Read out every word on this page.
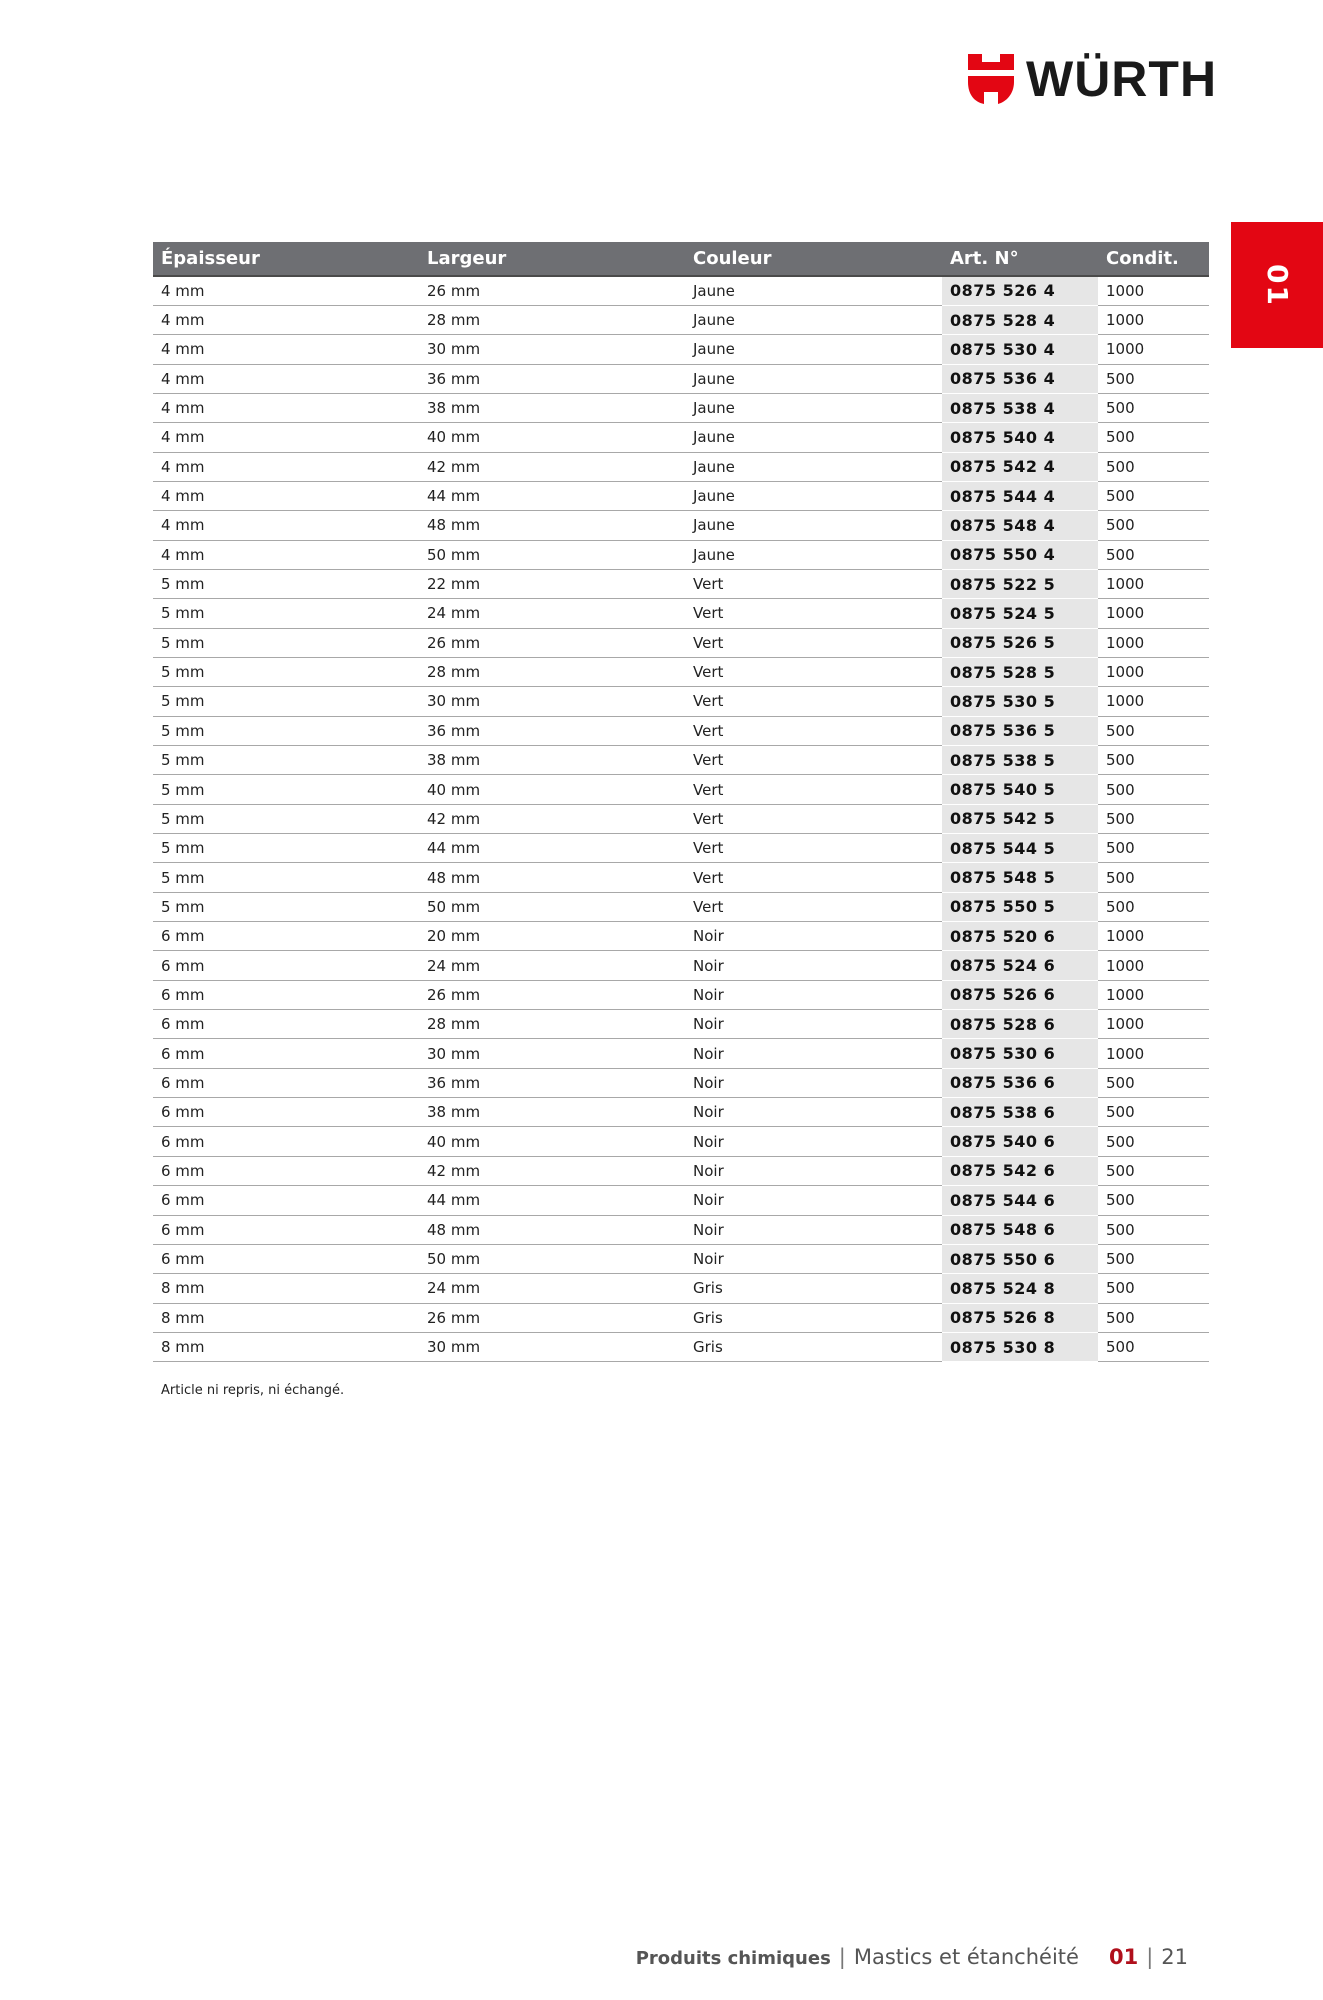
WÜRTH
01
Épaisseur	Largeur	Couleur	Art. N°	Condit.
4 mm	26 mm	Jaune	0875 526 4	1000
4 mm	28 mm	Jaune	0875 528 4	1000
4 mm	30 mm	Jaune	0875 530 4	1000
4 mm	36 mm	Jaune	0875 536 4	500
4 mm	38 mm	Jaune	0875 538 4	500
4 mm	40 mm	Jaune	0875 540 4	500
4 mm	42 mm	Jaune	0875 542 4	500
4 mm	44 mm	Jaune	0875 544 4	500
4 mm	48 mm	Jaune	0875 548 4	500
4 mm	50 mm	Jaune	0875 550 4	500
5 mm	22 mm	Vert	0875 522 5	1000
5 mm	24 mm	Vert	0875 524 5	1000
5 mm	26 mm	Vert	0875 526 5	1000
5 mm	28 mm	Vert	0875 528 5	1000
5 mm	30 mm	Vert	0875 530 5	1000
5 mm	36 mm	Vert	0875 536 5	500
5 mm	38 mm	Vert	0875 538 5	500
5 mm	40 mm	Vert	0875 540 5	500
5 mm	42 mm	Vert	0875 542 5	500
5 mm	44 mm	Vert	0875 544 5	500
5 mm	48 mm	Vert	0875 548 5	500
5 mm	50 mm	Vert	0875 550 5	500
6 mm	20 mm	Noir	0875 520 6	1000
6 mm	24 mm	Noir	0875 524 6	1000
6 mm	26 mm	Noir	0875 526 6	1000
6 mm	28 mm	Noir	0875 528 6	1000
6 mm	30 mm	Noir	0875 530 6	1000
6 mm	36 mm	Noir	0875 536 6	500
6 mm	38 mm	Noir	0875 538 6	500
6 mm	40 mm	Noir	0875 540 6	500
6 mm	42 mm	Noir	0875 542 6	500
6 mm	44 mm	Noir	0875 544 6	500
6 mm	48 mm	Noir	0875 548 6	500
6 mm	50 mm	Noir	0875 550 6	500
8 mm	24 mm	Gris	0875 524 8	500
8 mm	26 mm	Gris	0875 526 8	500
8 mm	30 mm	Gris	0875 530 8	500
Article ni repris, ni échangé.
Produits chimiques | Mastics et étanchéité 01 | 21
